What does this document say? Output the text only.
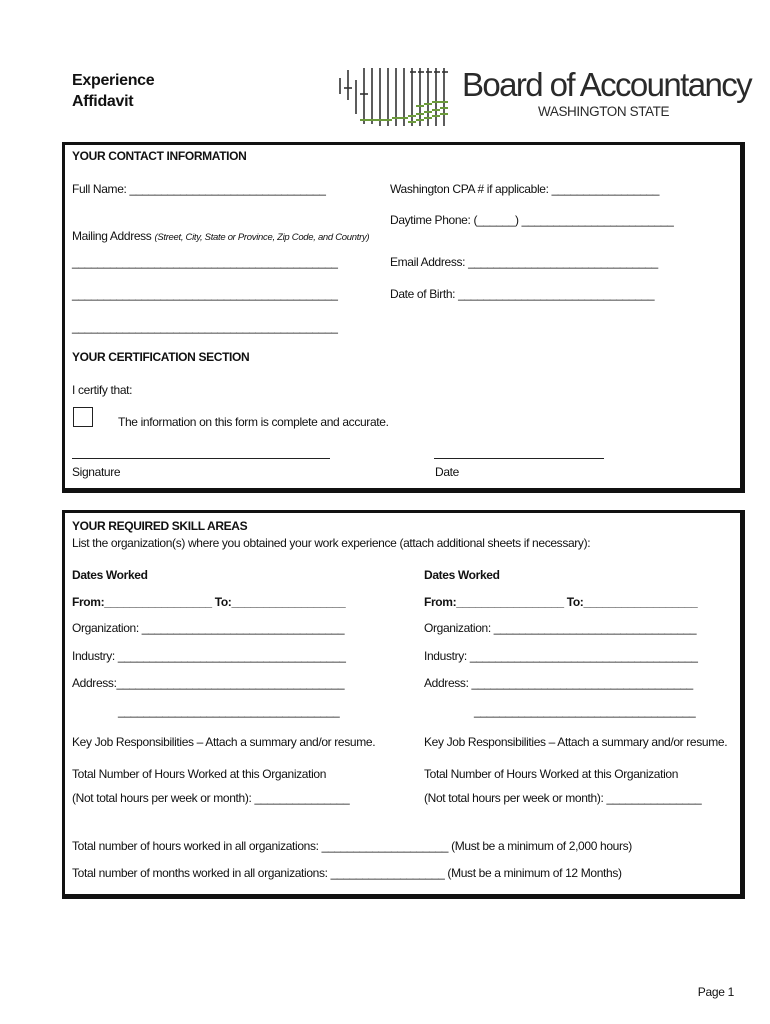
Experience
Affidavit	Board of Accountancy
WASHINGTON STATE
YOUR CONTACT INFORMATION
Full Name: _______________________________	Washington CPA # if applicable: _________________
Daytime Phone: (______) ________________________
Mailing Address (Street, City, State or Province, Zip Code, and Country)
__________________________________________	Email Address: ______________________________
__________________________________________	Date of Birth: _______________________________
__________________________________________
YOUR CERTIFICATION SECTION
I certify that:
The information on this form is complete and accurate.
Signature	Date
YOUR REQUIRED SKILL AREAS
List the organization(s) where you obtained your work experience (attach additional sheets if necessary):
Dates Worked
From:_________________ To:__________________
Organization: ________________________________
Industry: ____________________________________
Address:____________________________________
___________________________________
Key Job Responsibilities – Attach a summary and/or resume.
Total Number of Hours Worked at this Organization
(Not total hours per week or month): _______________
Dates Worked
From:_________________ To:__________________
Organization: ________________________________
Industry: ____________________________________
Address: ___________________________________
___________________________________
Key Job Responsibilities – Attach a summary and/or resume.
Total Number of Hours Worked at this Organization
(Not total hours per week or month): _______________
Total number of hours worked in all organizations: ____________________ (Must be a minimum of 2,000 hours)
Total number of months worked in all organizations: __________________ (Must be a minimum of 12 Months)
Page 1
